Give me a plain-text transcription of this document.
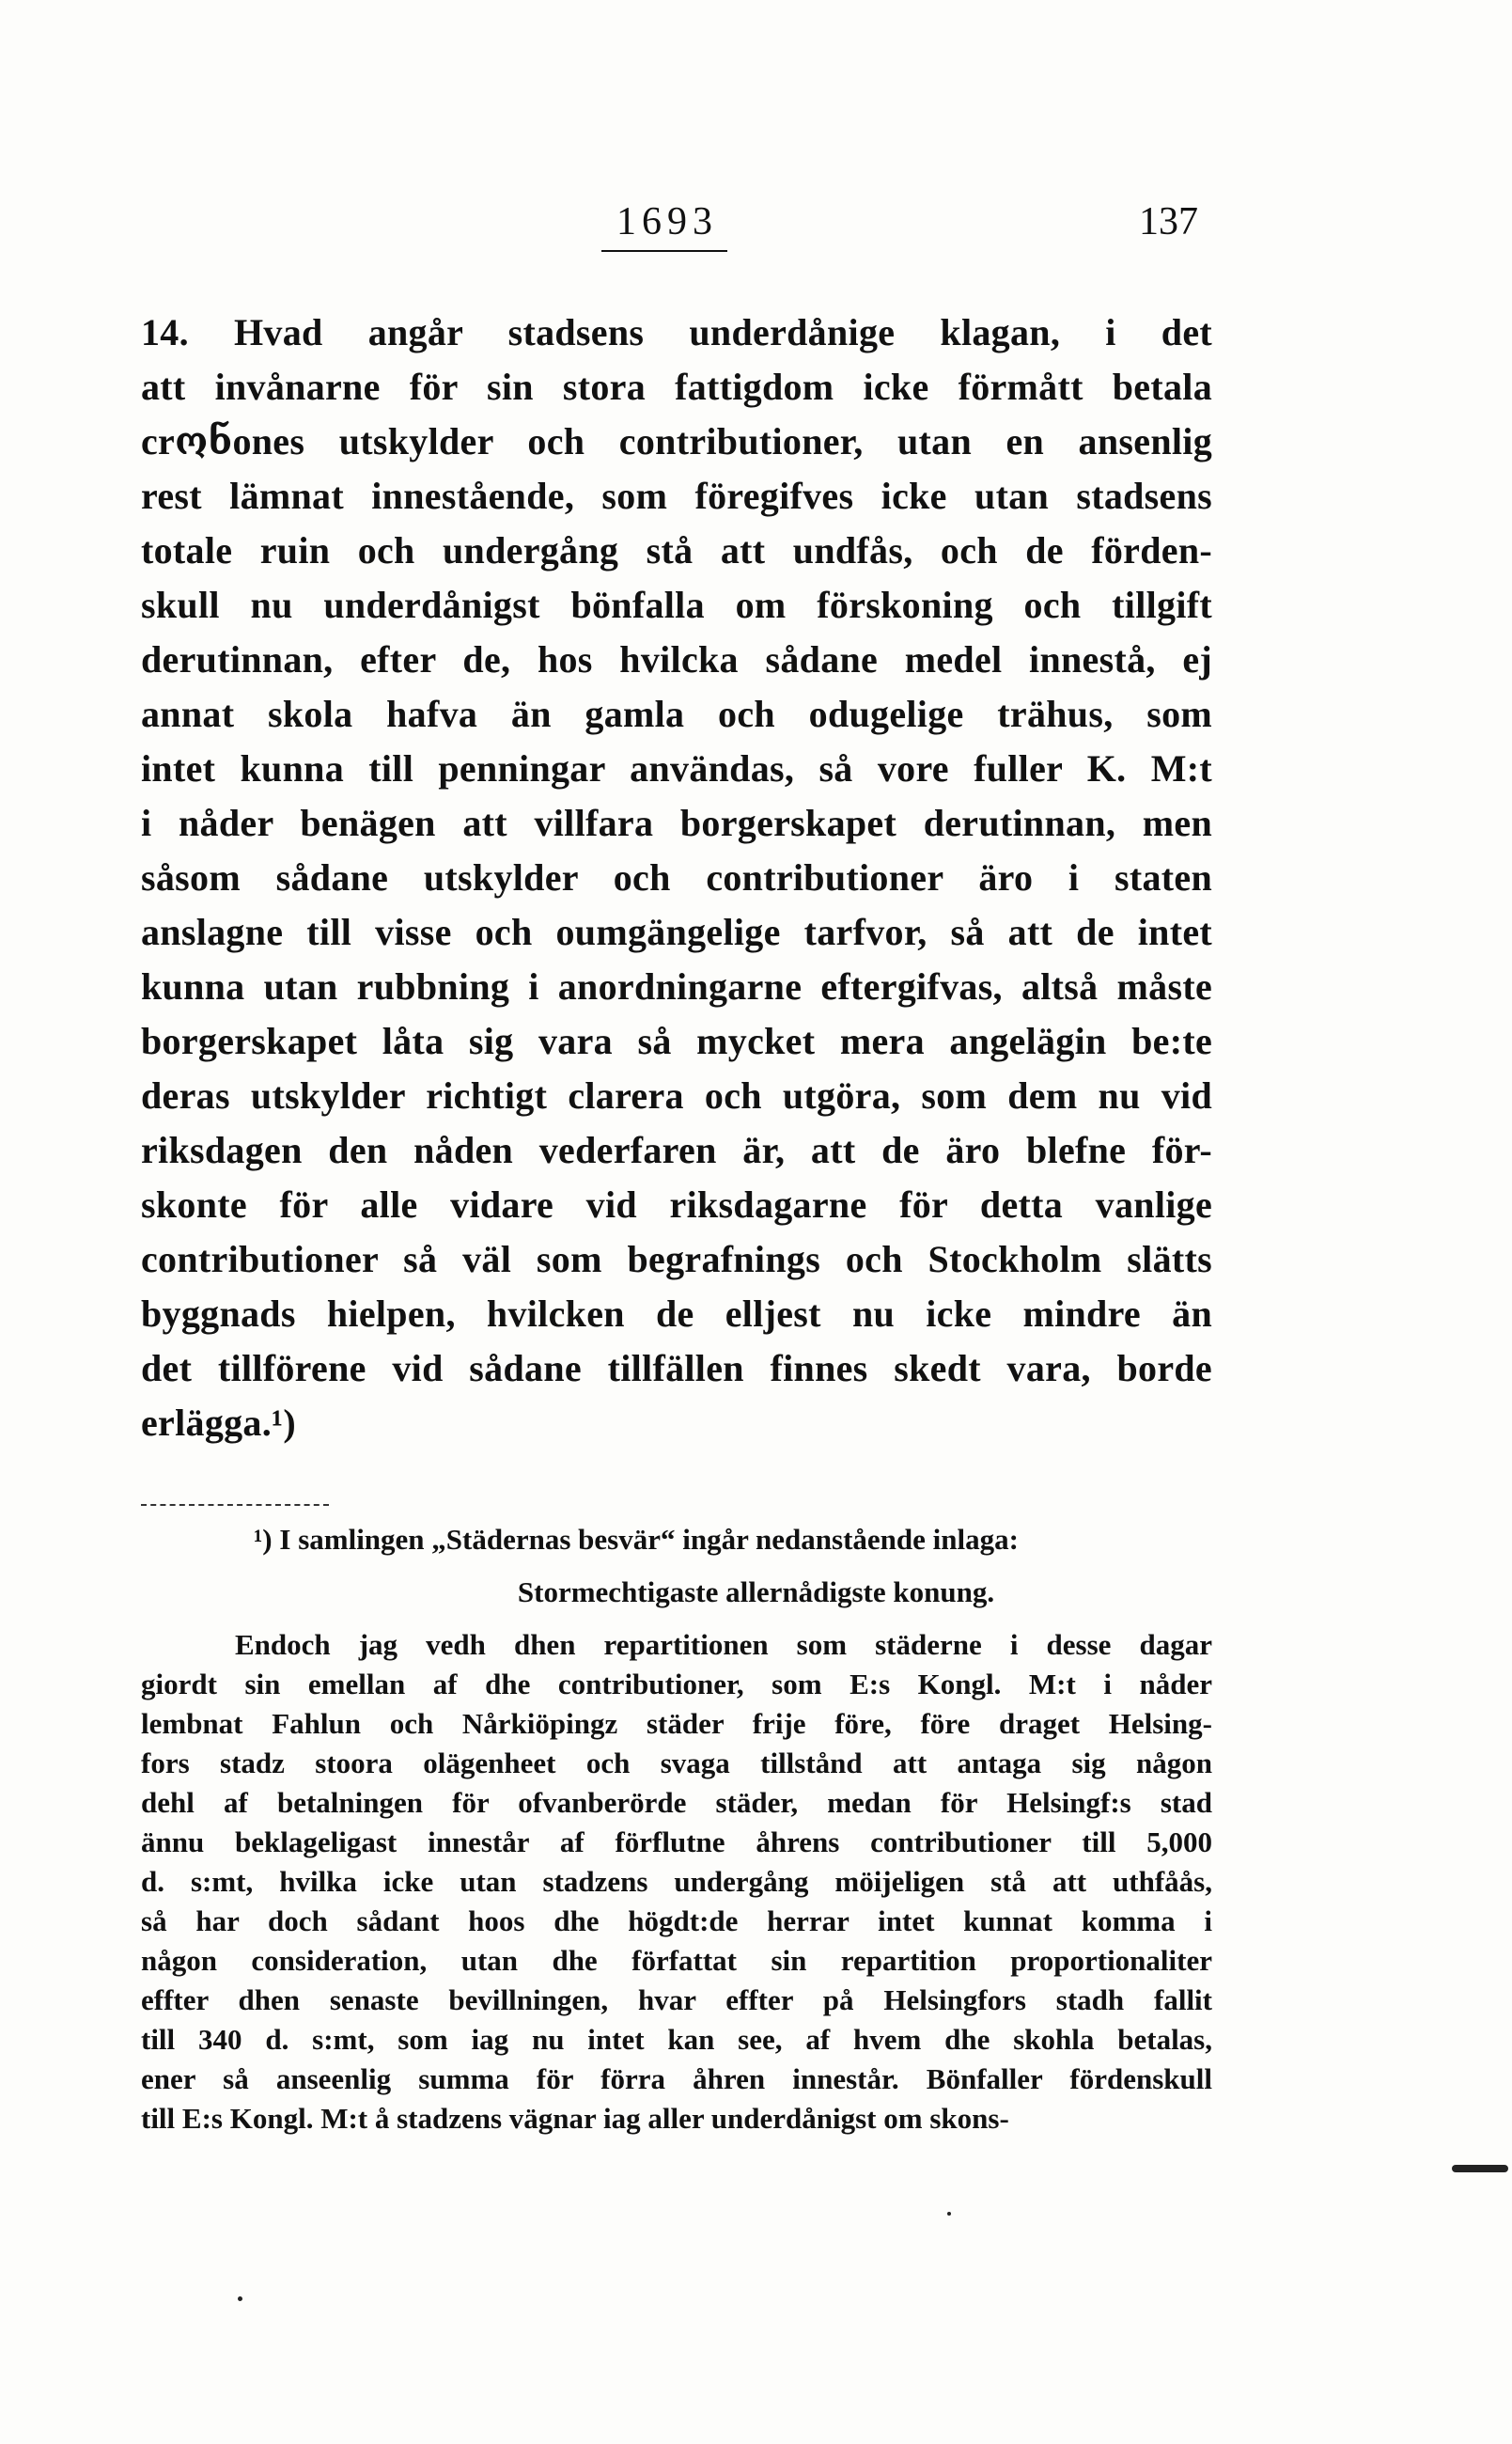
1693	137
14. Hvad angår stadsens underdånige klagan, i det
att invånarne för sin stora fattigdom icke förmått betala
crონones utskylder och contributioner, utan en ansenlig
rest lämnat innestående, som föregifves icke utan stadsens
totale ruin och undergång stå att undfås, och de förden-
skull nu underdånigst bönfalla om förskoning och tillgift
derutinnan, efter de, hos hvilcka sådane medel innestå, ej
annat skola hafva än gamla och odugelige trähus, som
intet kunna till penningar användas, så vore fuller K. M:t
i nåder benägen att villfara borgerskapet derutinnan, men
såsom sådane utskylder och contributioner äro i staten
anslagne till visse och oumgängelige tarfvor, så att de intet
kunna utan rubbning i anordningarne eftergifvas, altså måste
borgerskapet låta sig vara så mycket mera angelägin be:te
deras utskylder richtigt clarera och utgöra, som dem nu vid
riksdagen den nåden vederfaren är, att de äro blefne för-
skonte för alle vidare vid riksdagarne för detta vanlige
contributioner så väl som begrafnings och Stockholm slätts
byggnads hielpen, hvilcken de elljest nu icke mindre än
det tillförene vid sådane tillfällen finnes skedt vara, borde
erlägga.¹)
¹) I samlingen „Städernas besvär“ ingår nedanstående inlaga:
Stormechtigaste allernådigste konung.
Endoch jag vedh dhen repartitionen som städerne i desse dagar
giordt sin emellan af dhe contributioner, som E:s Kongl. M:t i nåder
lembnat Fahlun och Nårkiöpingz städer frije före, före draget Helsing-
fors stadz stoora olägenheet och svaga tillstånd att antaga sig någon
dehl af betalningen för ofvanberörde städer, medan för Helsingf:s stad
ännu beklageligast innestår af förflutne åhrens contributioner till 5,000
d. s:mt, hvilka icke utan stadzens undergång möijeligen stå att uthfåås,
så har doch sådant hoos dhe högdt:de herrar intet kunnat komma i
någon consideration, utan dhe författat sin repartition proportionaliter
effter dhen senaste bevillningen, hvar effter på Helsingfors stadh fallit
till 340 d. s:mt, som iag nu intet kan see, af hvem dhe skohla betalas,
ener så anseenlig summa för förra åhren innestår. Bönfaller fördenskull
till E:s Kongl. M:t å stadzens vägnar iag aller underdånigst om skons-
